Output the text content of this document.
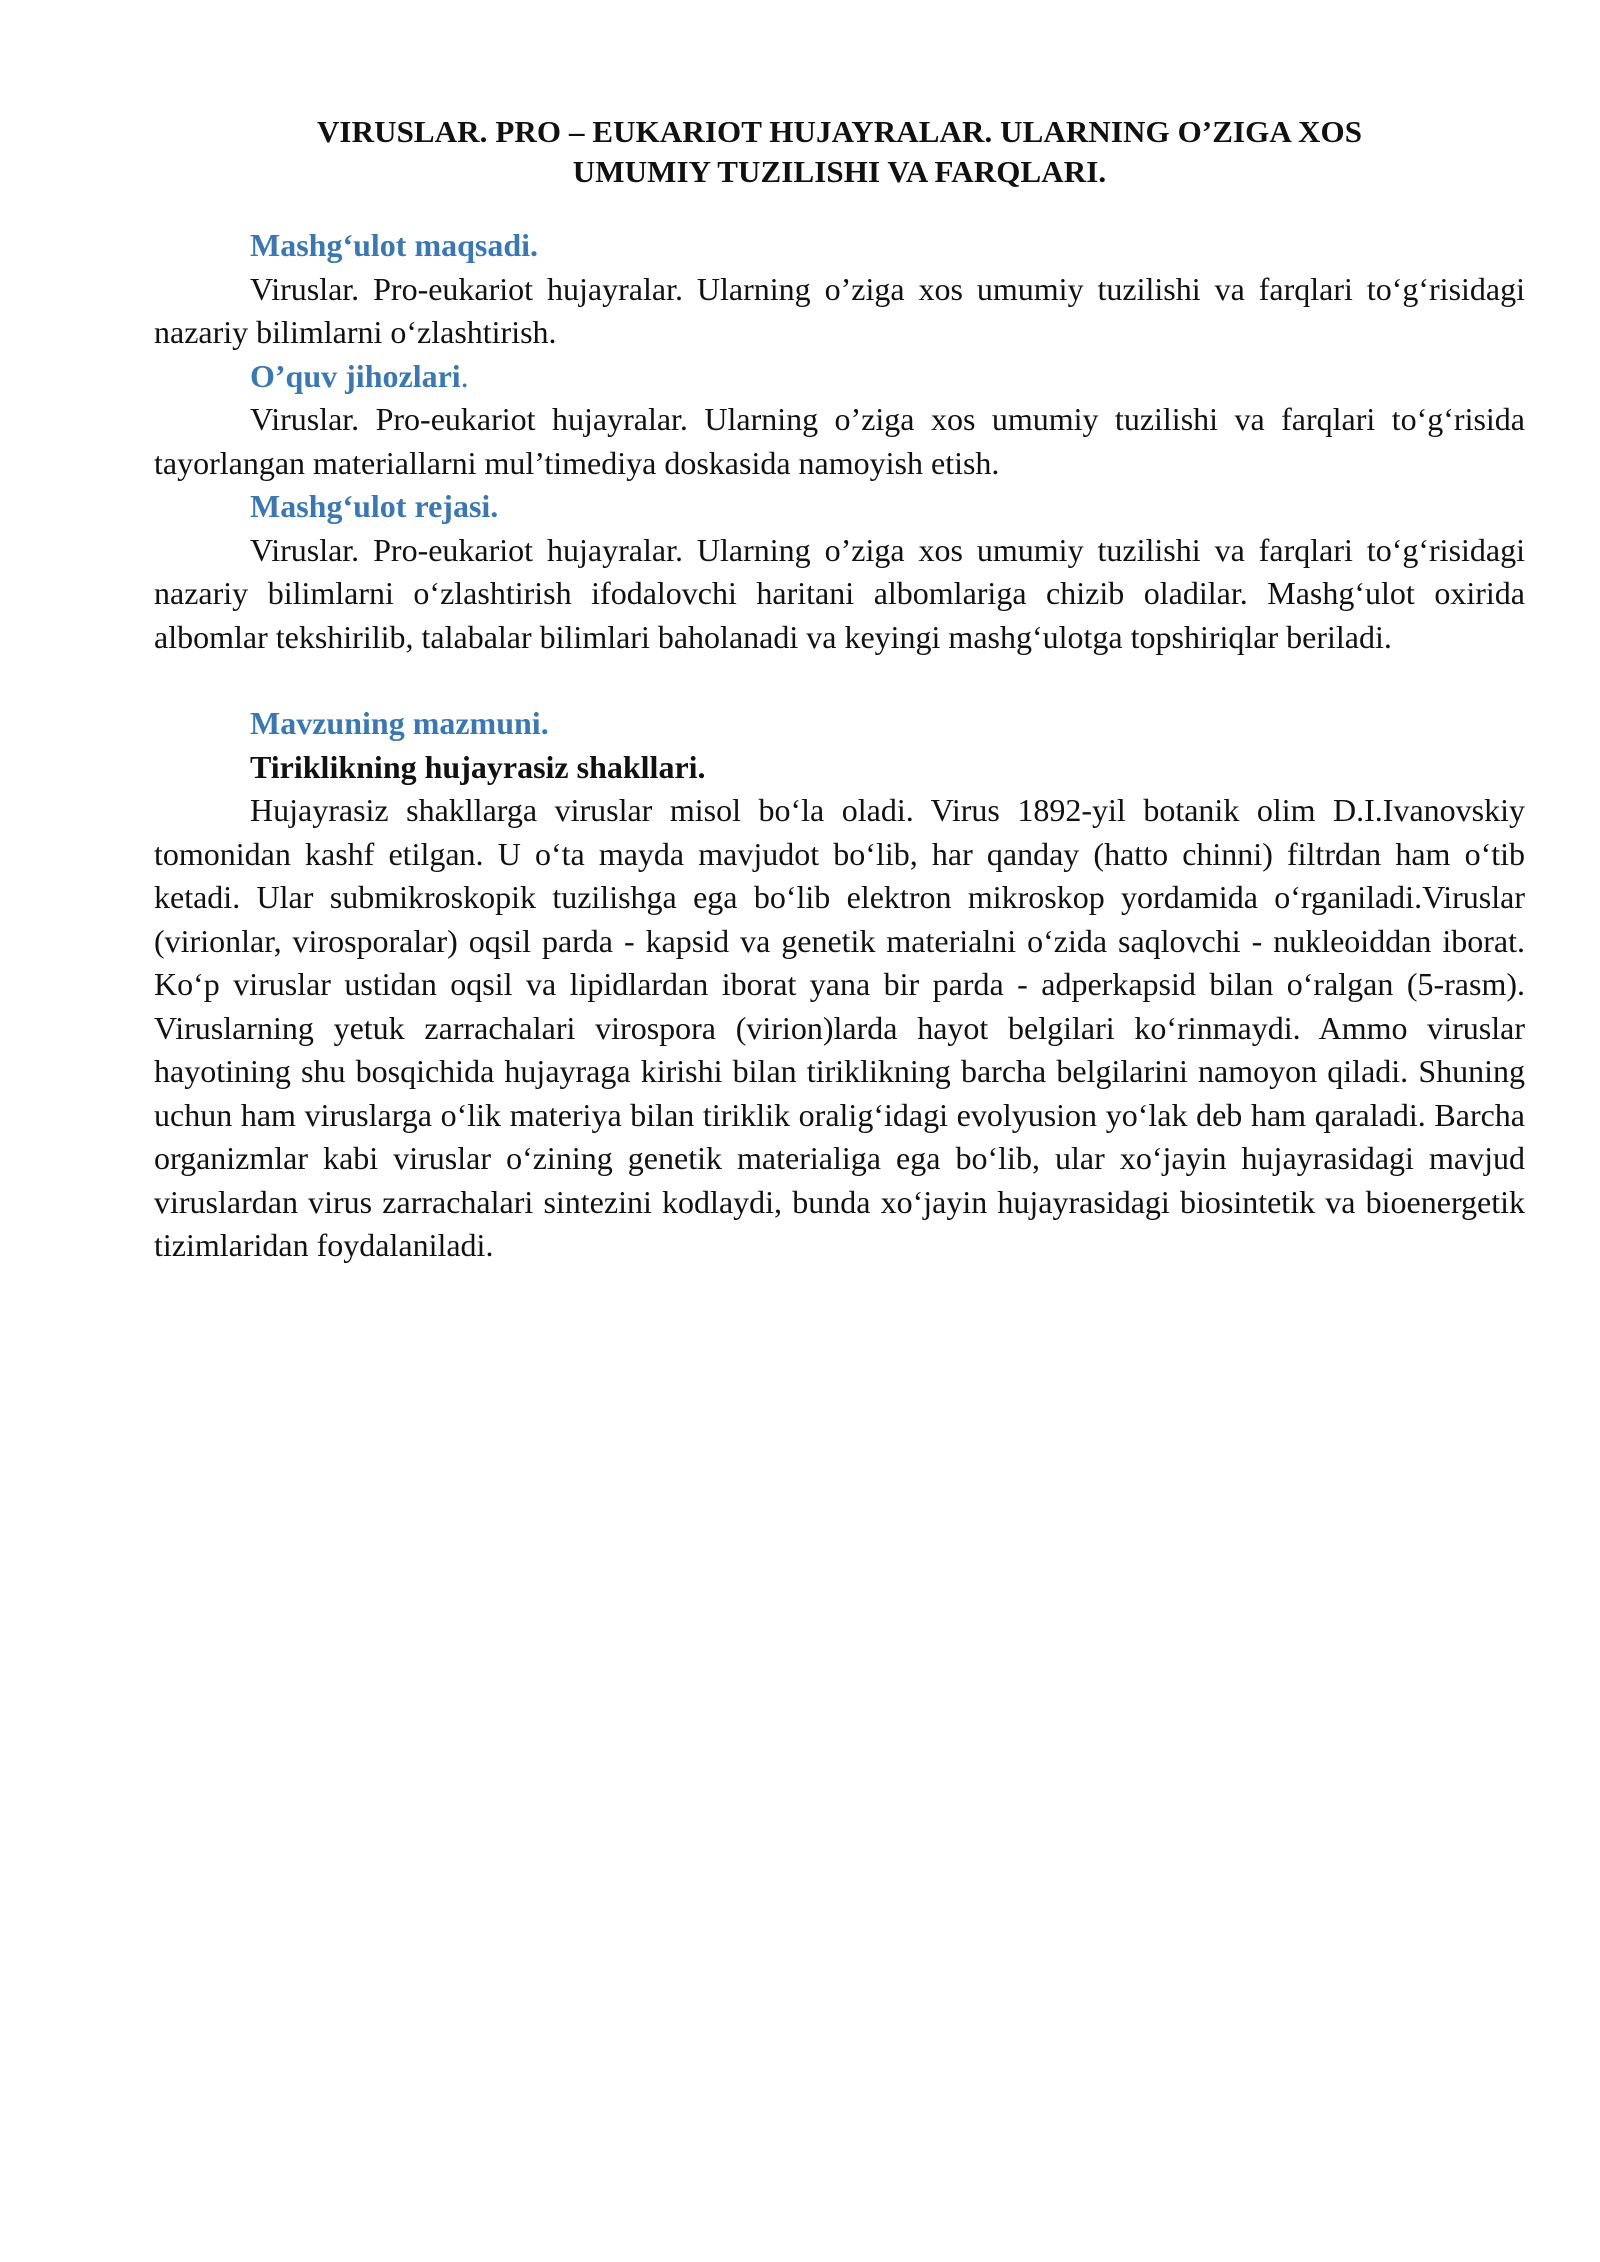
VIRUSLAR. PRO – EUKARIOT HUJAYRALAR. ULARNING O’ZIGA XOS
UMUMIY TUZILISHI VA FARQLARI.

Mashg‘ulot maqsadi.

Viruslar. Pro-eukariot hujayralar. Ularning o’ziga xos umumiy tuzilishi va farqlari to‘g‘risidagi nazariy bilimlarni o‘zlashtirish.

O’quv jihozlari.

Viruslar. Pro-eukariot hujayralar. Ularning o’ziga xos umumiy tuzilishi va farqlari to‘g‘risida tayorlangan materiallarni mul’timediya doskasida namoyish etish.

Mashg‘ulot rejasi.

Viruslar. Pro-eukariot hujayralar. Ularning o’ziga xos umumiy tuzilishi va farqlari to‘g‘risidagi nazariy bilimlarni o‘zlashtirish ifodalovchi haritani albomlariga chizib oladilar. Mashg‘ulot oxirida albomlar tekshirilib, talabalar bilimlari baholanadi va keyingi mashg‘ulotga topshiriqlar beriladi.

Mavzuning mazmuni.

Tiriklikning hujayrasiz shakllari.

Hujayrasiz shakllarga viruslar misol bo‘la oladi. Virus 1892-yil botanik olim D.I.Ivanovskiy tomonidan kashf etilgan. U o‘ta mayda mavjudot bo‘lib, har qanday (hatto chinni) filtrdan ham o‘tib ketadi. Ular submikroskopik tuzilishga ega bo‘lib elektron mikroskop yordamida o‘rganiladi.Viruslar (virionlar, virosporalar) oqsil parda - kapsid va genetik materialni o‘zida saqlovchi - nukleoiddan iborat. Ko‘p viruslar ustidan oqsil va lipidlardan iborat yana bir parda - adperkapsid bilan o‘ralgan (5-rasm). Viruslarning yetuk zarrachalari virospora (virion)larda hayot belgilari ko‘rinmaydi. Ammo viruslar hayotining shu bosqichida hujayraga kirishi bilan tiriklikning barcha belgilarini namoyon qiladi. Shuning uchun ham viruslarga o‘lik materiya bilan tiriklik oralig‘idagi evolyusion yo‘lak deb ham qaraladi. Barcha organizmlar kabi viruslar o‘zining genetik materialiga ega bo‘lib, ular xo‘jayin hujayrasidagi mavjud viruslardan virus zarrachalari sintezini kodlaydi, bunda xo‘jayin hujayrasidagi biosintetik va bioenergetik tizimlaridan foydalaniladi.
